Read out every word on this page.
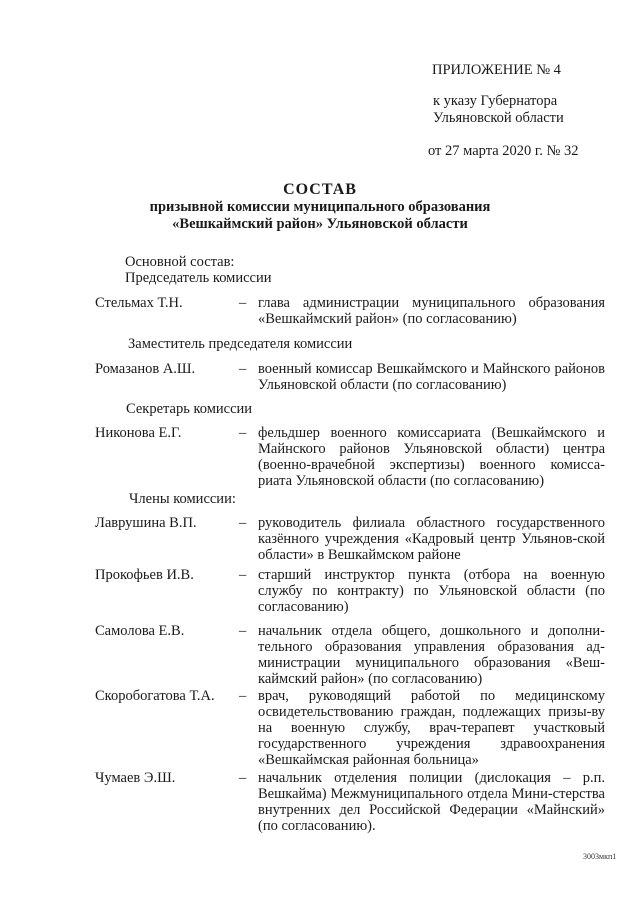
ПРИЛОЖЕНИЕ № 4
к указу Губернатора
Ульяновской области
от 27 марта 2020 г. № 32
СОСТАВ
призывной комиссии муниципального образования
«Вешкаймский район» Ульяновской области
Основной состав:
Председатель комиссии
Стельмах Т.Н.	– глава администрации муниципального образования «Вешкаймский район» (по согласованию)
Заместитель председателя комиссии
Ромазанов А.Ш.	– военный комиссар Вешкаймского и Майнского районов Ульяновской области (по согласованию)
Секретарь комиссии
Никонова Е.Г.	– фельдшер военного комиссариата (Вешкаймского и Майнского районов Ульяновской области) центра (военно-врачебной экспертизы) военного комисса-риата Ульяновской области (по согласованию)
Члены комиссии:
Лаврушина В.П.	– руководитель филиала областного государственного казённого учреждения «Кадровый центр Ульянов-ской области» в Вешкаймском районе
Прокофьев И.В.	– старший инструктор пункта (отбора на военную службу по контракту) по Ульяновской области (по согласованию)
Самолова Е.В.	– начальник отдела общего, дошкольного и дополни-тельного образования управления образования ад-министрации муниципального образования «Веш-каймский район» (по согласованию)
Скоробогатова Т.А. – врач, руководящий работой по медицинскому освидетельствованию граждан, подлежащих призы-ву на военную службу, врач-терапевт участковый государственного учреждения здравоохранения «Вешкаймская районная больница»
Чумаев Э.Ш.	– начальник отделения полиции (дислокация – р.п. Вешкайма) Межмуниципального отдела Мини-стерства внутренних дел Российской Федерации «Майнский» (по согласованию).
3003мкп1
